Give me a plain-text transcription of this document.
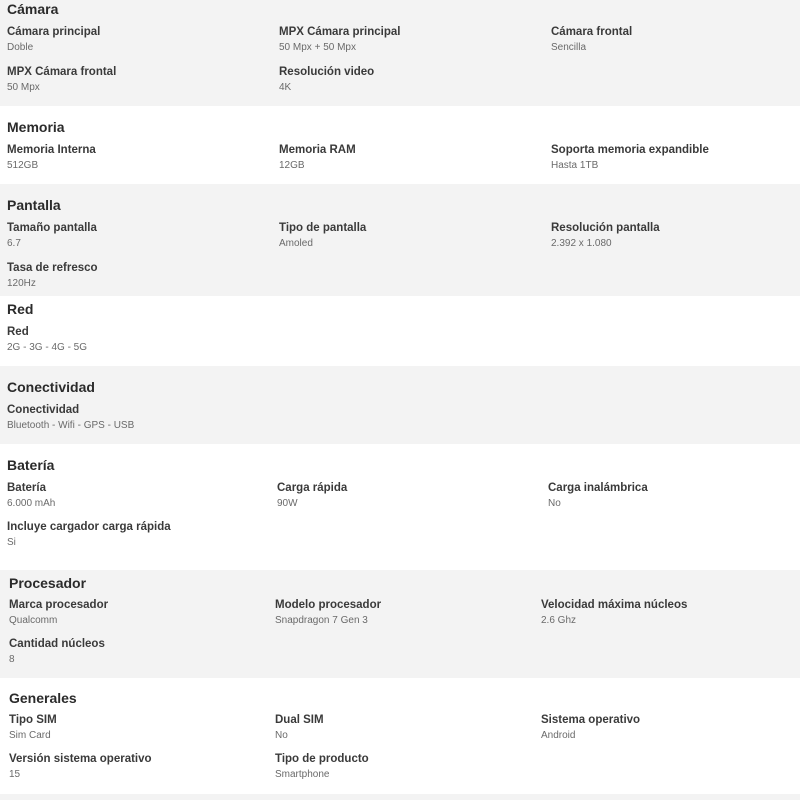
Cámara
Cámara principal
Doble
MPX Cámara principal
50 Mpx + 50 Mpx
Cámara frontal
Sencilla
MPX Cámara frontal
50 Mpx
Resolución video
4K
Memoria
Memoria Interna
512GB
Memoria RAM
12GB
Soporta memoria expandible
Hasta 1TB
Pantalla
Tamaño pantalla
6.7
Tipo de pantalla
Amoled
Resolución pantalla
2.392 x 1.080
Tasa de refresco
120Hz
Red
Red
2G - 3G - 4G - 5G
Conectividad
Conectividad
Bluetooth - Wifi - GPS - USB
Batería
Batería
6.000 mAh
Carga rápida
90W
Carga inalámbrica
No
Incluye cargador carga rápida
Si
Procesador
Marca procesador
Qualcomm
Modelo procesador
Snapdragon 7 Gen 3
Velocidad máxima núcleos
2.6 Ghz
Cantidad núcleos
8
Generales
Tipo SIM
Sim Card
Dual SIM
No
Sistema operativo
Android
Versión sistema operativo
15
Tipo de producto
Smartphone
